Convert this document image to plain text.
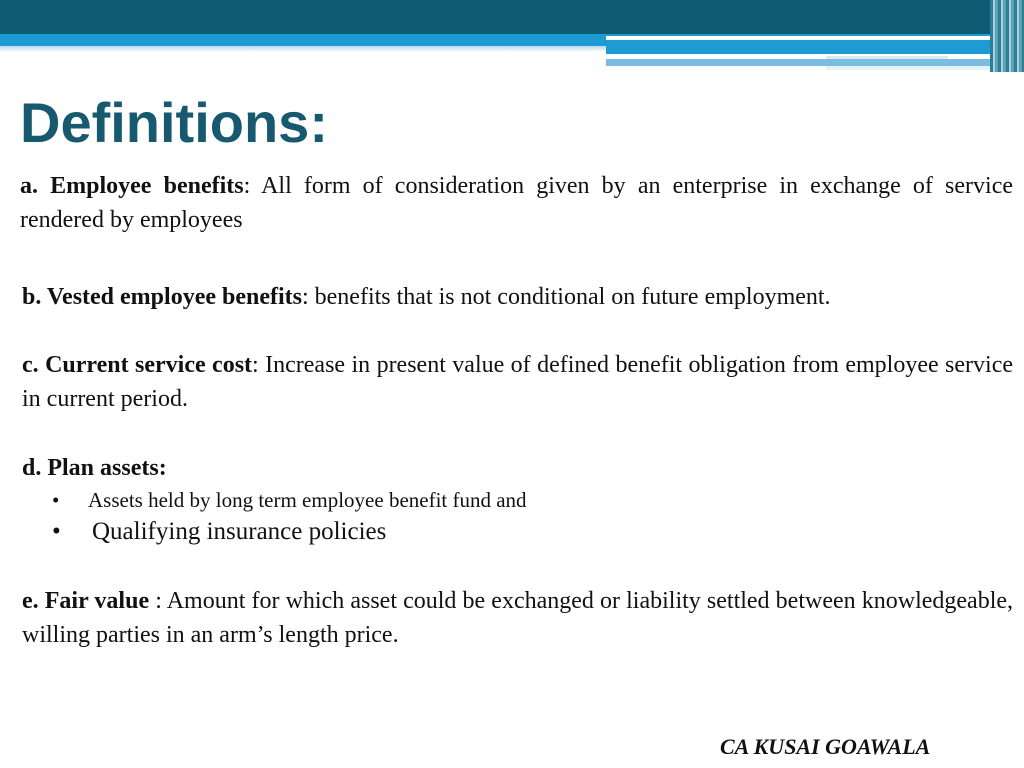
Definitions:

a. Employee benefits: All form of consideration given by an enterprise in exchange of service rendered by employees

b. Vested employee benefits: benefits that is not conditional on future employment.

c. Current service cost: Increase in present value of defined benefit obligation from employee service in current period.

d. Plan assets:

• Assets held by long term employee benefit fund and

• Qualifying insurance policies

e. Fair value : Amount for which asset could be exchanged or liability settled between knowledgeable, willing parties in an arm’s length price.

CA KUSAI GOAWALA
